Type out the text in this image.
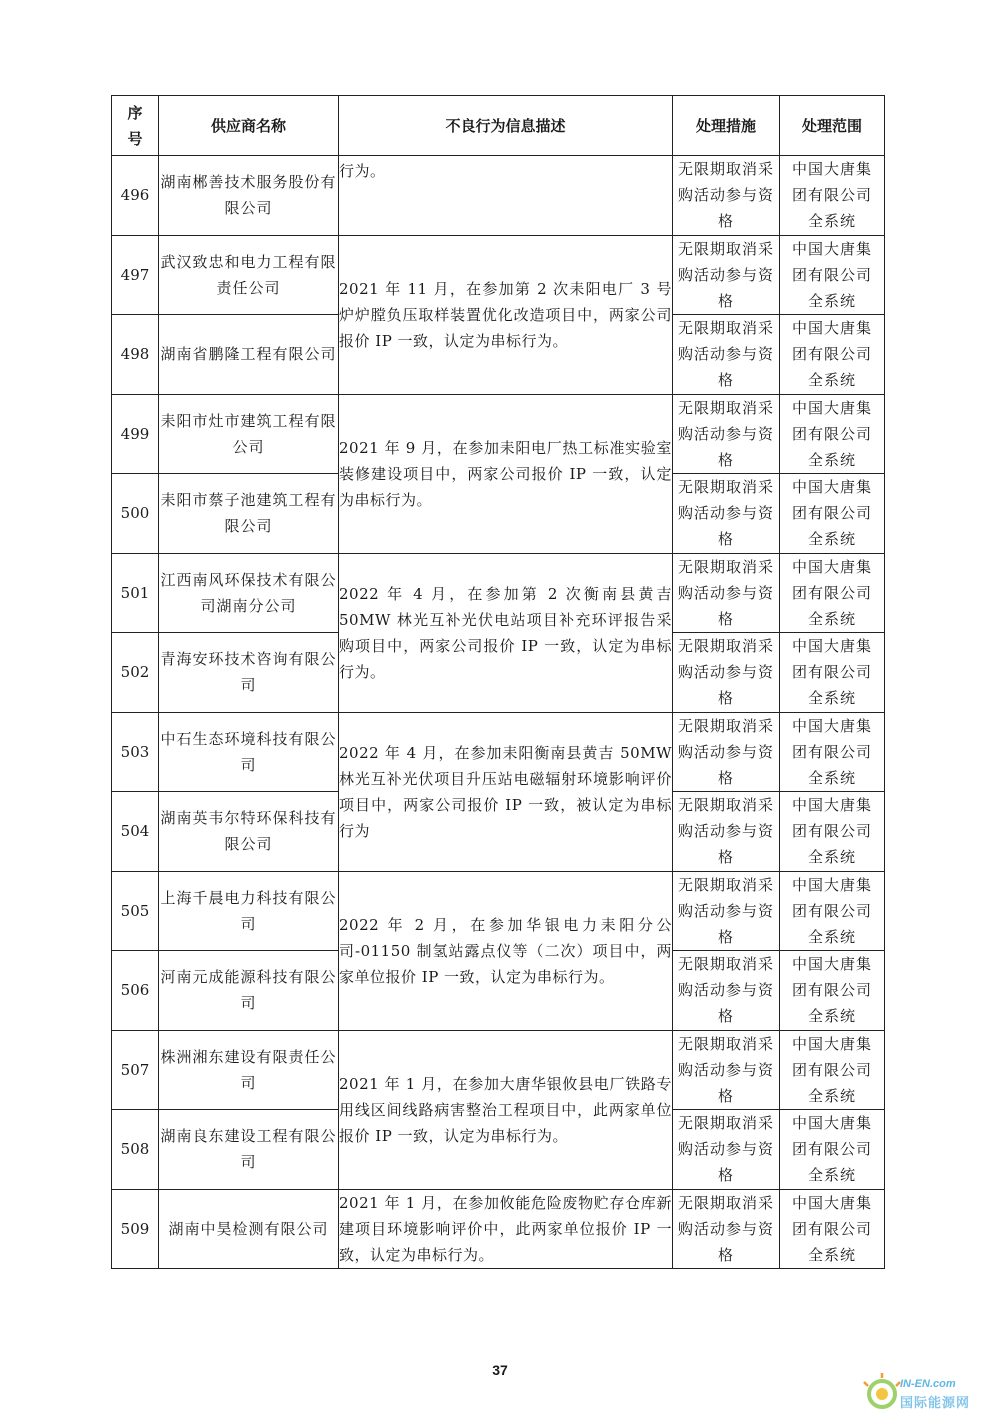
序
号	供应商名称	不良行为信息描述	处理措施	处理范围
496	湖南郴善技术服务股份有限公司	行为。	无限期取消采
购活动参与资
格	中国大唐集
团有限公司
全系统
497	武汉致忠和电力工程有限责任公司	2021 年 11 月，在参加第 2 次耒阳电厂 3 号炉炉膛负压取样装置优化改造项目中，两家公司报价 IP 一致，认定为串标行为。	无限期取消采
购活动参与资
格	中国大唐集
团有限公司
全系统
498	湖南省鹏隆工程有限公司		无限期取消采
购活动参与资
格	中国大唐集
团有限公司
全系统
499	耒阳市灶市建筑工程有限公司	2021 年 9 月，在参加耒阳电厂热工标准实验室装修建设项目中，两家公司报价 IP 一致，认定为串标行为。	无限期取消采
购活动参与资
格	中国大唐集
团有限公司
全系统
500	耒阳市蔡子池建筑工程有限公司		无限期取消采
购活动参与资
格	中国大唐集
团有限公司
全系统
501	江西南风环保技术有限公司湖南分公司	2022 年 4 月，在参加第 2 次衡南县黄吉 50MW 林光互补光伏电站项目补充环评报告采购项目中，两家公司报价 IP 一致，认定为串标行为。	无限期取消采
购活动参与资
格	中国大唐集
团有限公司
全系统
502	青海安环技术咨询有限公司		无限期取消采
购活动参与资
格	中国大唐集
团有限公司
全系统
503	中石生态环境科技有限公司	2022 年 4 月，在参加耒阳衡南县黄吉 50MW 林光互补光伏项目升压站电磁辐射环境影响评价项目中，两家公司报价 IP 一致，被认定为串标行为	无限期取消采
购活动参与资
格	中国大唐集
团有限公司
全系统
504	湖南英韦尔特环保科技有限公司		无限期取消采
购活动参与资
格	中国大唐集
团有限公司
全系统
505	上海千晨电力科技有限公司	2022 年 2 月，在参加华银电力耒阳分公司-01150 制氢站露点仪等（二次）项目中，两家单位报价 IP 一致，认定为串标行为。	无限期取消采
购活动参与资
格	中国大唐集
团有限公司
全系统
506	河南元成能源科技有限公司		无限期取消采
购活动参与资
格	中国大唐集
团有限公司
全系统
507	株洲湘东建设有限责任公司	2021 年 1 月，在参加大唐华银攸县电厂铁路专用线区间线路病害整治工程项目中，此两家单位报价 IP 一致，认定为串标行为。	无限期取消采
购活动参与资
格	中国大唐集
团有限公司
全系统
508	湖南良东建设工程有限公司		无限期取消采
购活动参与资
格	中国大唐集
团有限公司
全系统
509	湖南中昊检测有限公司	2021 年 1 月，在参加攸能危险废物贮存仓库新建项目环境影响评价中，此两家单位报价 IP 一致，认定为串标行为。	无限期取消采
购活动参与资
格	中国大唐集
团有限公司
全系统
37
IN-EN.com
国际能源网
